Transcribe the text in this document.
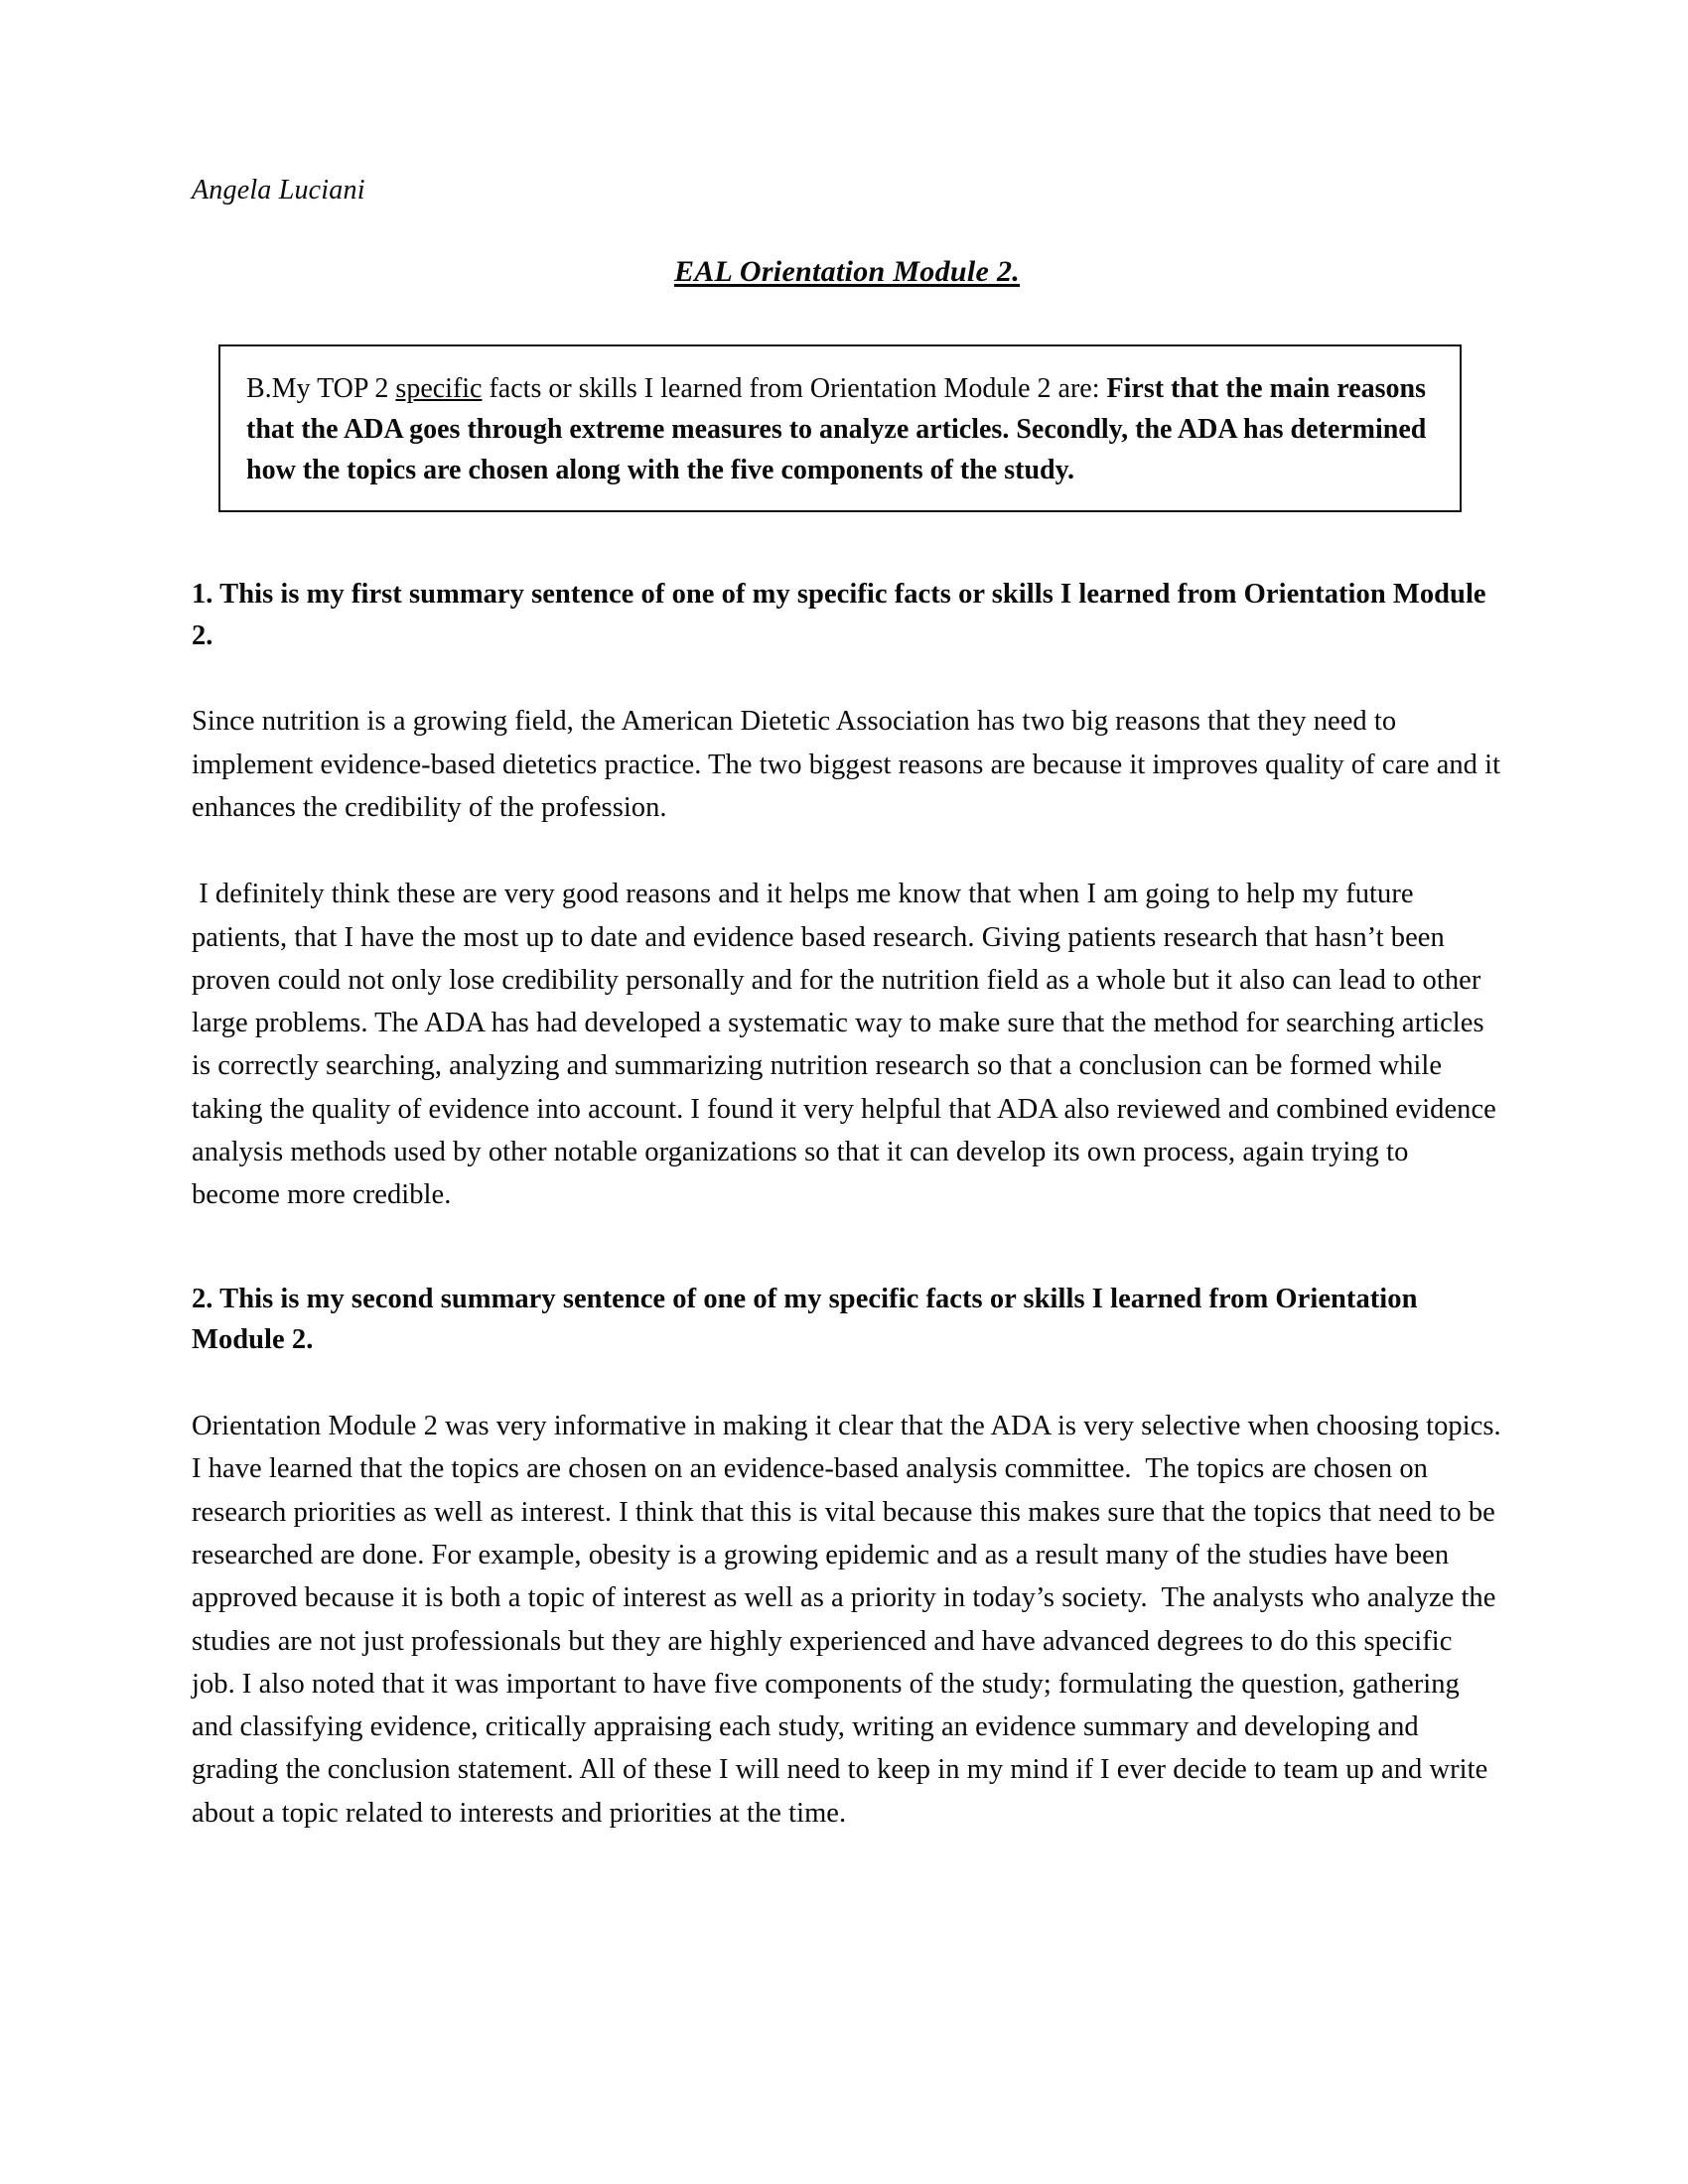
Angela Luciani
EAL Orientation Module 2.
B.My TOP 2 specific facts or skills I learned from Orientation Module 2 are: First that the main reasons that the ADA goes through extreme measures to analyze articles. Secondly, the ADA has determined  how the topics are chosen along with the five components of the study.
1. This is my first summary sentence of one of my specific facts or skills I learned from Orientation Module 2.
Since nutrition is a growing field, the American Dietetic Association has two big reasons that they need to implement evidence-based dietetics practice. The two biggest reasons are because it improves quality of care and it enhances the credibility of the profession.
I definitely think these are very good reasons and it helps me know that when I am going to help my future patients, that I have the most up to date and evidence based research. Giving patients research that hasn’t been proven could not only lose credibility personally and for the nutrition field as a whole but it also can lead to other large problems. The ADA has had developed a systematic way to make sure that the method for searching articles is correctly searching, analyzing and summarizing nutrition research so that a conclusion can be formed while taking the quality of evidence into account. I found it very helpful that ADA also reviewed and combined evidence analysis methods used by other notable organizations so that it can develop its own process, again trying to become more credible.
2. This is my second summary sentence of one of my specific facts or skills I learned from Orientation Module 2.
Orientation Module 2 was very informative in making it clear that the ADA is very selective when choosing topics. I have learned that the topics are chosen on an evidence-based analysis committee.  The topics are chosen on research priorities as well as interest. I think that this is vital because this makes sure that the topics that need to be researched are done. For example, obesity is a growing epidemic and as a result many of the studies have been approved because it is both a topic of interest as well as a priority in today’s society.  The analysts who analyze the studies are not just professionals but they are highly experienced and have advanced degrees to do this specific job. I also noted that it was important to have five components of the study; formulating the question, gathering and classifying evidence, critically appraising each study, writing an evidence summary and developing and grading the conclusion statement. All of these I will need to keep in my mind if I ever decide to team up and write about a topic related to interests and priorities at the time.
